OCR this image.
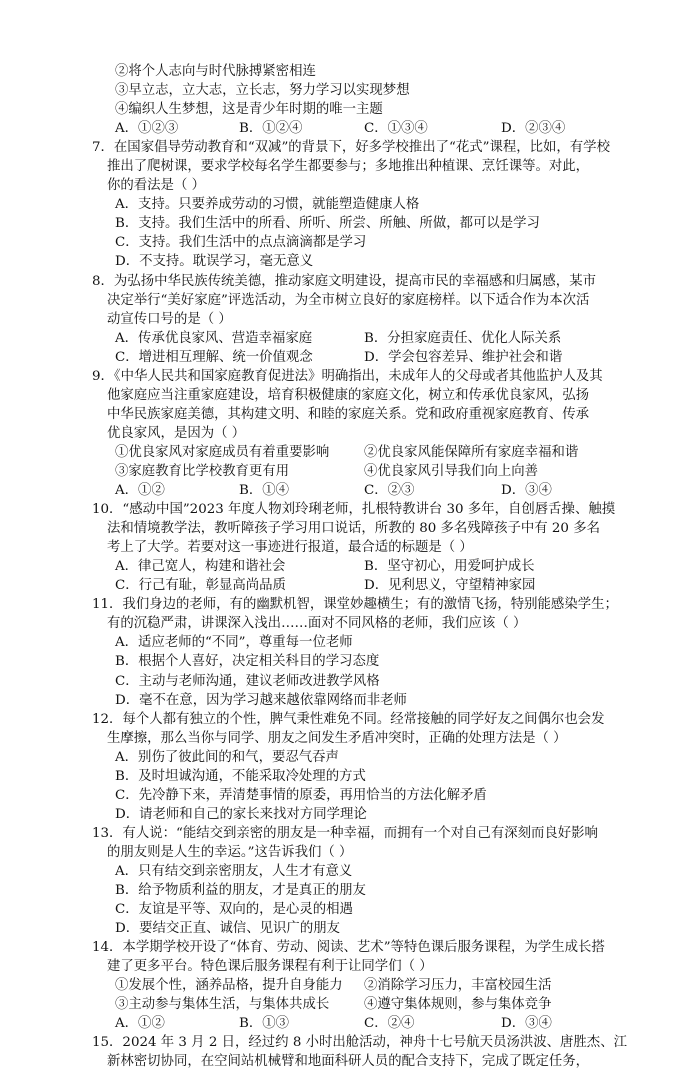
②将个人志向与时代脉搏紧密相连
③早立志，立大志，立长志，努力学习以实现梦想
④编织人生梦想，这是青少年时期的唯一主题
A．①②③	B．①②④	C．①③④	D．②③④
7．在国家倡导劳动教育和“双减”的背景下，好多学校推出了“花式”课程，比如，有学校
推出了爬树课，要求学校每名学生都要参与；多地推出种植课、烹饪课等。对此，
你的看法是（ ）
A．支持。只要养成劳动的习惯，就能塑造健康人格
B．支持。我们生活中的所看、所听、所尝、所触、所做，都可以是学习
C．支持。我们生活中的点点滴滴都是学习
D．不支持。耽误学习，毫无意义
8．为弘扬中华民族传统美德，推动家庭文明建设，提高市民的幸福感和归属感，某市
决定举行“美好家庭”评选活动，为全市树立良好的家庭榜样。以下适合作为本次活
动宣传口号的是（ ）
A．传承优良家风、营造幸福家庭	B．分担家庭责任、优化人际关系
C．增进相互理解、统一价值观念	D．学会包容差异、维护社会和谐
9．《中华人民共和国家庭教育促进法》明确指出，未成年人的父母或者其他监护人及其
他家庭应当注重家庭建设，培育积极健康的家庭文化，树立和传承优良家风，弘扬
中华民族家庭美德，其构建文明、和睦的家庭关系。党和政府重视家庭教育、传承
优良家风，是因为（ ）
①优良家风对家庭成员有着重要影响	②优良家风能保障所有家庭幸福和谐
③家庭教育比学校教育更有用	④优良家风引导我们向上向善
A．①②	B．①④	C．②③	D．③④
10．“感动中国”2023 年度人物刘玲琍老师，扎根特教讲台 30 多年，自创唇舌操、触摸
法和情境教学法，教听障孩子学习用口说话，所教的 80 多名残障孩子中有 20 多名
考上了大学。若要对这一事迹进行报道，最合适的标题是（ ）
A．律己宽人，构建和谐社会	B．坚守初心，用爱呵护成长
C．行己有耻，彰显高尚品质	D．见利思义，守望精神家园
11．我们身边的老师，有的幽默机智，课堂妙趣横生；有的激情飞扬，特别能感染学生；
有的沉稳严肃，讲课深入浅出……面对不同风格的老师，我们应该（ ）
A．适应老师的“不同”，尊重每一位老师
B．根据个人喜好，决定相关科目的学习态度
C．主动与老师沟通，建议老师改进教学风格
D．毫不在意，因为学习越来越依靠网络而非老师
12．每个人都有独立的个性，脾气秉性难免不同。经常接触的同学好友之间偶尔也会发
生摩擦，那么当你与同学、朋友之间发生矛盾冲突时，正确的处理方法是（ ）
A．别伤了彼此间的和气，要忍气吞声
B．及时坦诚沟通，不能采取冷处理的方式
C．先冷静下来，弄清楚事情的原委，再用恰当的方法化解矛盾
D．请老师和自己的家长来找对方同学理论
13．有人说：“能结交到亲密的朋友是一种幸福，而拥有一个对自己有深刻而良好影响
的朋友则是人生的幸运。”这告诉我们（ ）
A．只有结交到亲密朋友，人生才有意义
B．给予物质利益的朋友，才是真正的朋友
C．友谊是平等、双向的，是心灵的相遇
D．要结交正直、诚信、见识广的朋友
14．本学期学校开设了“体育、劳动、阅读、艺术”等特色课后服务课程，为学生成长搭
建了更多平台。特色课后服务课程有利于让同学们（ ）
①发展个性，涵养品格，提升自身能力 ②消除学习压力，丰富校园生活
③主动参与集体生活，与集体共成长	④遵守集体规则，参与集体竞争
A．①②	B．①③	C．②④	D．③④
15．2024 年 3 月 2 日，经过约 8 小时出舱活动，神舟十七号航天员汤洪波、唐胜杰、江
新林密切协同，在空间站机械臂和地面科研人员的配合支持下，完成了既定任务，
